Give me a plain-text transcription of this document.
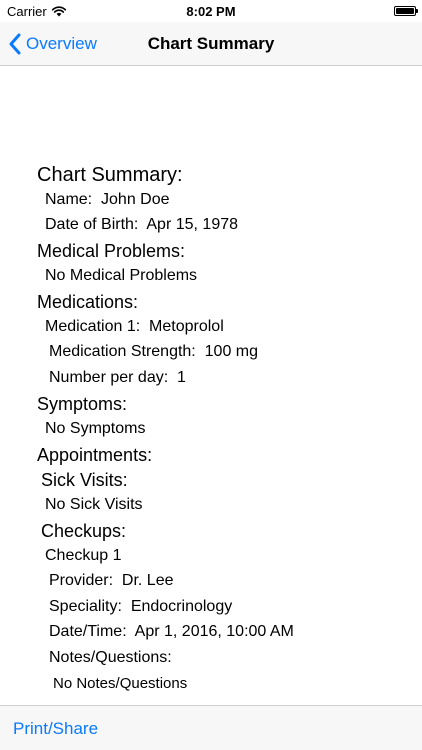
Carrier	8:02 PM
Overview	Chart Summary
Chart Summary:
Name:  John Doe
Date of Birth:  Apr 15, 1978
Medical Problems:
No Medical Problems
Medications:
Medication 1:  Metoprolol
Medication Strength:  100 mg
Number per day:  1
Symptoms:
No Symptoms
Appointments:
Sick Visits:
No Sick Visits
Checkups:
Checkup 1
Provider:  Dr. Lee
Speciality:  Endocrinology
Date/Time:  Apr 1, 2016, 10:00 AM
Notes/Questions:
No Notes/Questions
Print/Share
